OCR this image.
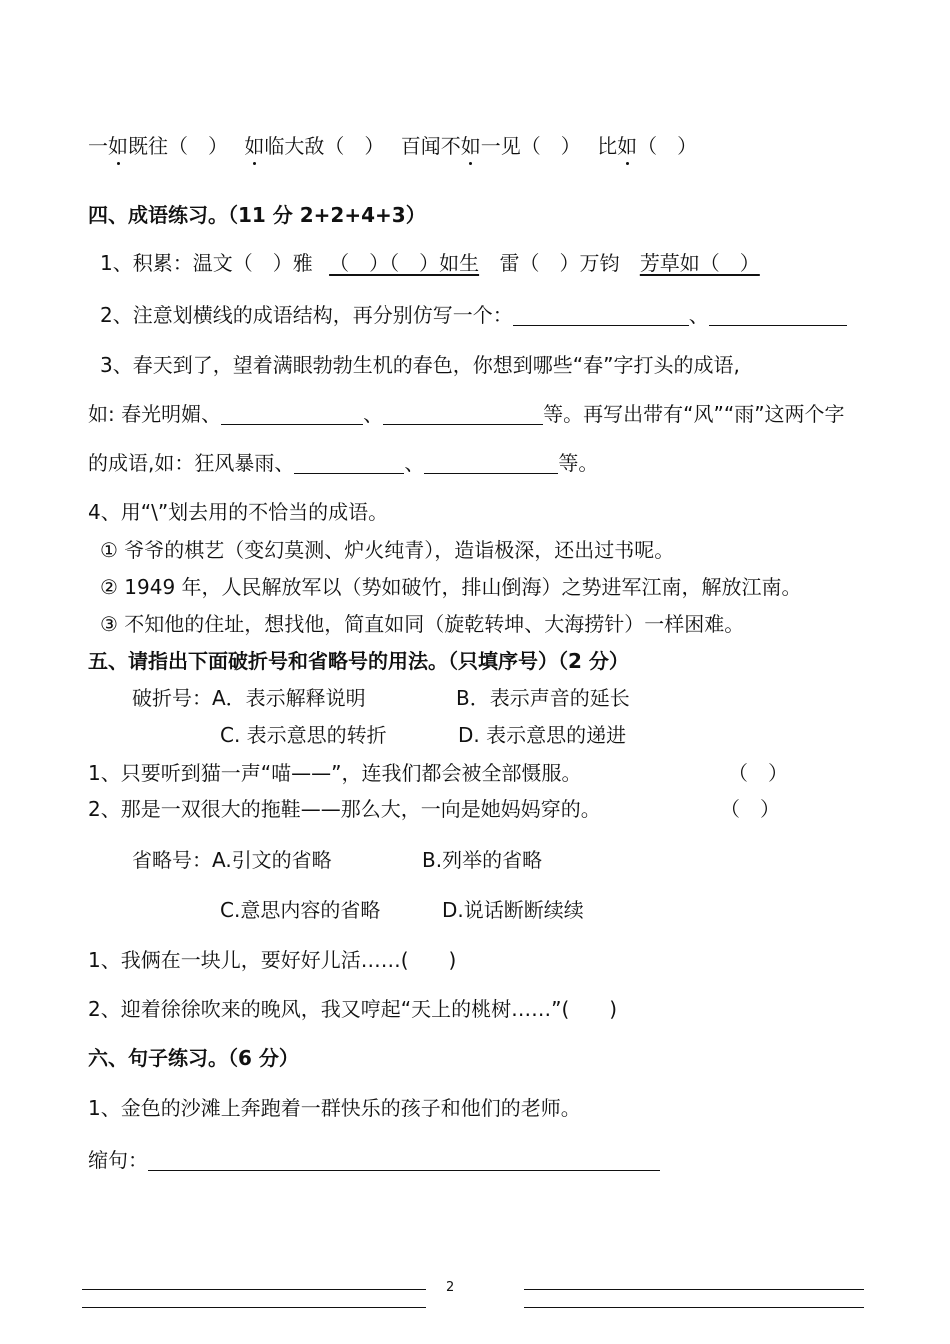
一如既往（　） 如临大敌（　） 百闻不如一见（　） 比如（　）
四、成语练习。（11 分 2+2+4+3）
1、积累：温文（　）雅 （　）（　）如生 雷（　）万钧 芳草如（　）
2、注意划横线的成语结构，再分别仿写一个：	、
3、春天到了，望着满眼勃勃生机的春色，你想到哪些“春”字打头的成语,
如: 春光明媚、	、	等。再写出带有“风”“雨”这两个字
的成语,如：狂风暴雨、	、	等。
4、用“\”划去用的不恰当的成语。
① 爷爷的棋艺（变幻莫测、炉火纯青），造诣极深，还出过书呢。
② 1949 年，人民解放军以（势如破竹，排山倒海）之势进军江南，解放江南。
③ 不知他的住址，想找他，简直如同（旋乾转坤、大海捞针）一样困难。
五、请指出下面破折号和省略号的用法。（只填序号）（2 分）
破折号：A．表示解释说明	B．表示声音的延长
C. 表示意思的转折	D. 表示意思的递进
1、只要听到猫一声“喵——”，连我们都会被全部慑服。	（　）
2、那是一双很大的拖鞋——那么大，一向是她妈妈穿的。	（　）
省略号：A.引文的省略	B.列举的省略
C.意思内容的省略	D.说话断断续续
1、我俩在一块儿，要好好儿活……(　　)
2、迎着徐徐吹来的晚风，我又哼起“天上的桃树……”(　　)
六、句子练习。（6 分）
1、金色的沙滩上奔跑着一群快乐的孩子和他们的老师。
缩句：
2
